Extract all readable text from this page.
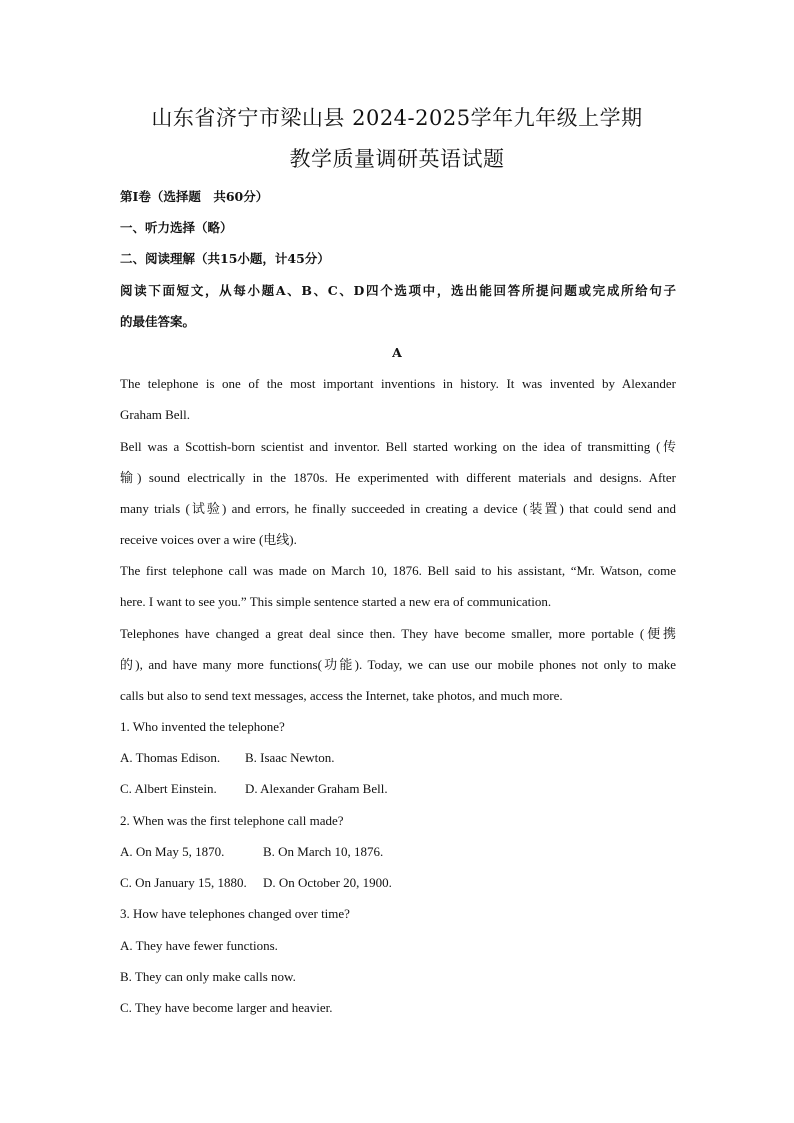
山东省济宁市梁山县 2024-2025学年九年级上学期
教学质量调研英语试题
第Ⅰ卷（选择题　共60分）
一、听力选择（略）
二、阅读理解（共15小题，计45分）
阅读下面短文，从每小题A、B、C、D四个选项中，选出能回答所提问题或完成所给句子
的最佳答案。
A
The telephone is one of the most important inventions in history. It was invented by Alexander
Graham Bell.
Bell was a Scottish-born scientist and inventor. Bell started working on the idea of transmitting (传
输) sound electrically in the 1870s. He experimented with different materials and designs. After
many trials (试验) and errors, he finally succeeded in creating a device (装置) that could send and
receive voices over a wire (电线).
The first telephone call was made on March 10, 1876. Bell said to his assistant, “Mr. Watson, come
here. I want to see you.” This simple sentence started a new era of communication.
Telephones have changed a great deal since then. They have become smaller, more portable (便携
的), and have many more functions(功能). Today, we can use our mobile phones not only to make
calls but also to send text messages, access the Internet, take photos, and much more.
1. Who invented the telephone?
A. Thomas Edison. B. Isaac Newton.
C. Albert Einstein. D. Alexander Graham Bell.
2. When was the first telephone call made?
A. On May 5, 1870.	B. On March 10, 1876.
C. On January 15, 1880. D. On October 20, 1900.
3. How have telephones changed over time?
A. They have fewer functions.
B. They can only make calls now.
C. They have become larger and heavier.
